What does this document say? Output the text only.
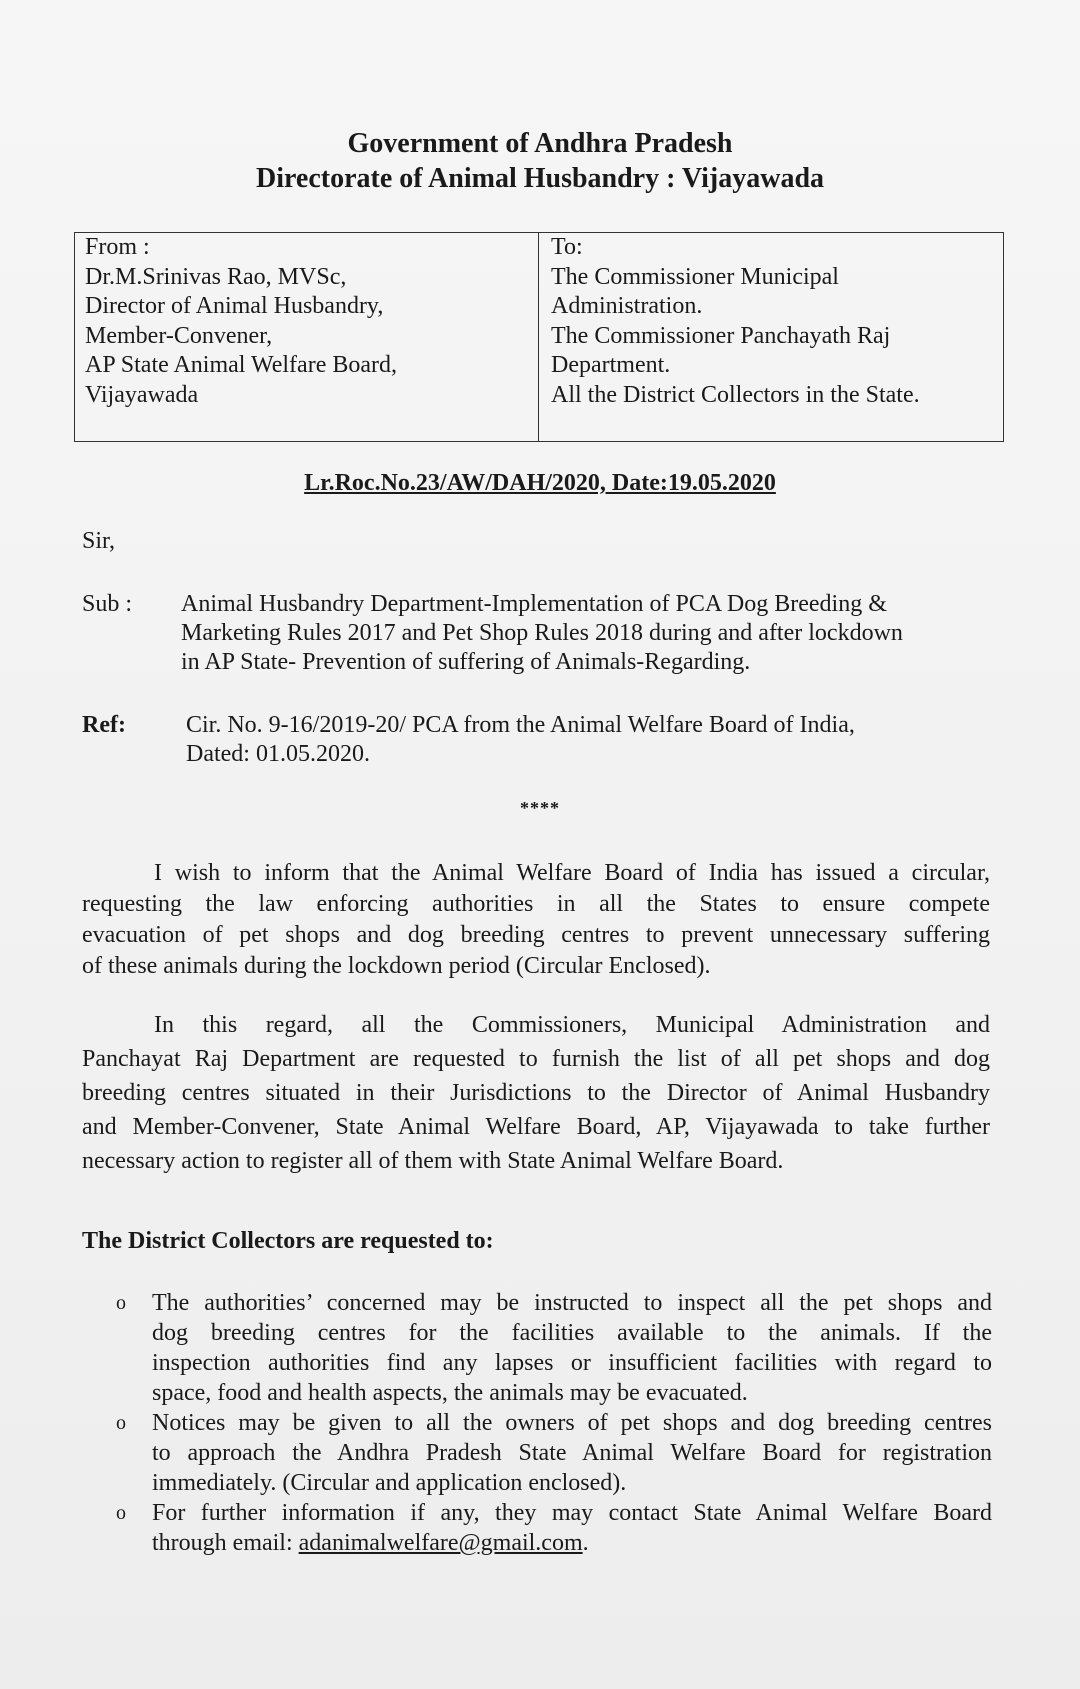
Government of Andhra Pradesh
Directorate of Animal Husbandry : Vijayawada
From :
Dr.M.Srinivas Rao, MVSc,
Director of Animal Husbandry,
Member-Convener,
AP State Animal Welfare Board,
Vijayawada
To:
The Commissioner Municipal
Administration.
The Commissioner Panchayath Raj
Department.
All the District Collectors in the State.
Lr.Roc.No.23/AW/DAH/2020, Date:19.05.2020
Sir,
Sub : Animal Husbandry Department-Implementation of PCA Dog Breeding &
Marketing Rules 2017 and Pet Shop Rules 2018 during and after lockdown
in AP State- Prevention of suffering of Animals-Regarding.
Ref:	Cir. No. 9-16/2019-20/ PCA from the Animal Welfare Board of India,
Dated: 01.05.2020.
****
I wish to inform that the Animal Welfare Board of India has issued a circular,
requesting the law enforcing authorities in all the States to ensure compete
evacuation of pet shops and dog breeding centres to prevent unnecessary suffering
of these animals during the lockdown period (Circular Enclosed).
In this regard, all the Commissioners, Municipal Administration and
Panchayat Raj Department are requested to furnish the list of all pet shops and dog
breeding centres situated in their Jurisdictions to the Director of Animal Husbandry
and Member-Convener, State Animal Welfare Board, AP, Vijayawada to take further
necessary action to register all of them with State Animal Welfare Board.
The District Collectors are requested to:
o The authorities’ concerned may be instructed to inspect all the pet shops and
dog breeding centres for the facilities available to the animals. If the
inspection authorities find any lapses or insufficient facilities with regard to
space, food and health aspects, the animals may be evacuated.
o Notices may be given to all the owners of pet shops and dog breeding centres
to approach the Andhra Pradesh State Animal Welfare Board for registration
immediately. (Circular and application enclosed).
o For further information if any, they may contact State Animal Welfare Board
through email: adanimalwelfare@gmail.com.
